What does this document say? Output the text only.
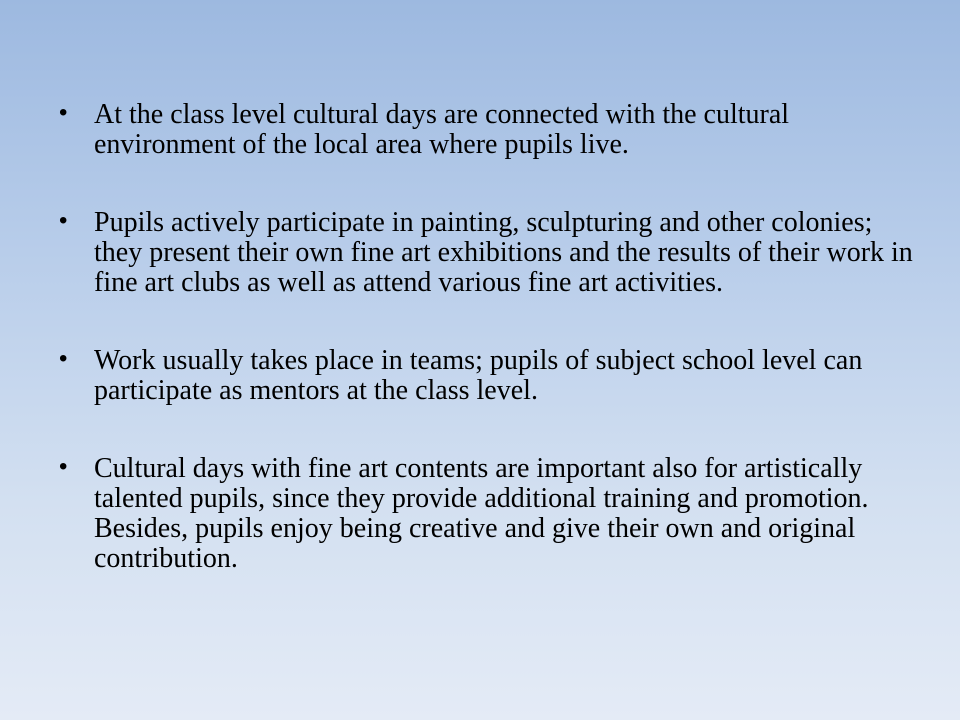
• At the class level cultural days are connected with the cultural environment of the local area where pupils live.
• Pupils actively participate in painting, sculpturing and other colonies; they present their own fine art exhibitions and the results of their work in fine art clubs as well as attend various fine art activities.
• Work usually takes place in teams; pupils of subject school level can participate as mentors at the class level.
• Cultural days with fine art contents are important also for artistically talented pupils, since they provide additional training and promotion. Besides, pupils enjoy being creative and give their own and original contribution.
